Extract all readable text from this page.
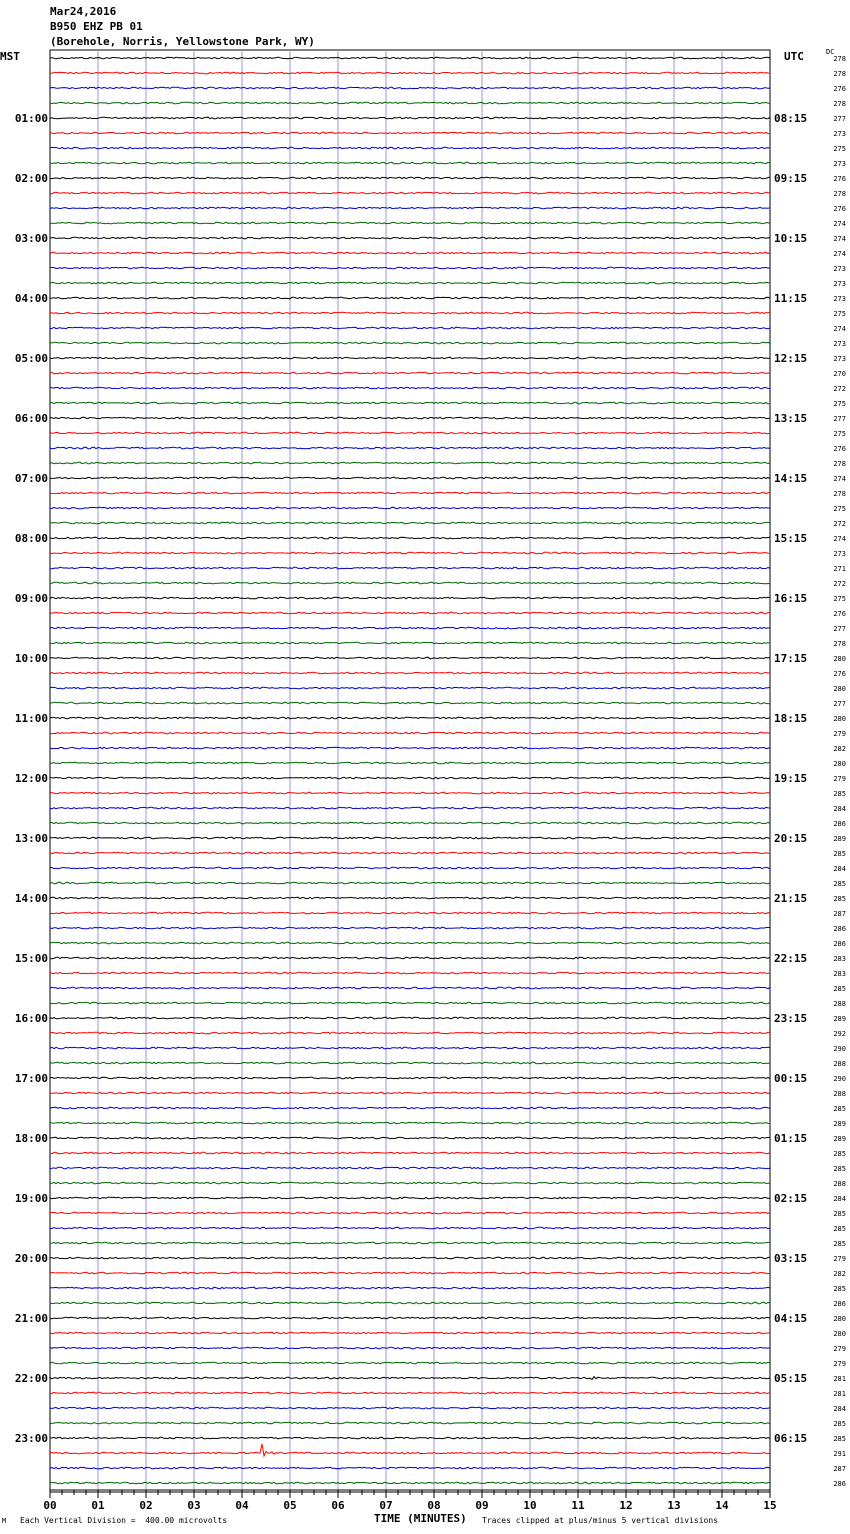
Mar24,2016
B950 EHZ PB 01
(Borehole, Norris, Yellowstone Park, WY)
MST	UTC	DC
278
278
276
278
277
273
275
273
276
278
276
274
274
274
273
273
273
275
274
273
273
270
272
275
277
275
276
278
274
278
275
272
274
273
271
272
275
276
277
278
280
276
280
277
280
279
282
280
279
285
284
286
289
285
284
285
285
287
286
286
283
283
285
288
289
292
290
288
290
288
285
289
289
285
285
288
284
285
285
285
279
282
285
286
280
280
279
279
281
281
284
285
285
291
287
286
01:00
02:00
03:00
04:00
05:00
06:00
07:00
08:00
09:00
10:00
11:00
12:00
13:00
14:00
15:00
16:00
17:00
18:00
19:00
20:00
21:00
22:00
23:00
08:15
09:15
10:15
11:15
12:15
13:15
14:15
15:15
16:15
17:15
18:15
19:15
20:15
21:15
22:15
23:15
00:15
01:15
02:15
03:15
04:15
05:15
06:15
00	01	02	03	04	05	06	07	08	09	10	11	12	13	14	15
M Each Vertical Division =  400.00 microvolts	TIME (MINUTES) Traces clipped at plus/minus 5 vertical divisions
